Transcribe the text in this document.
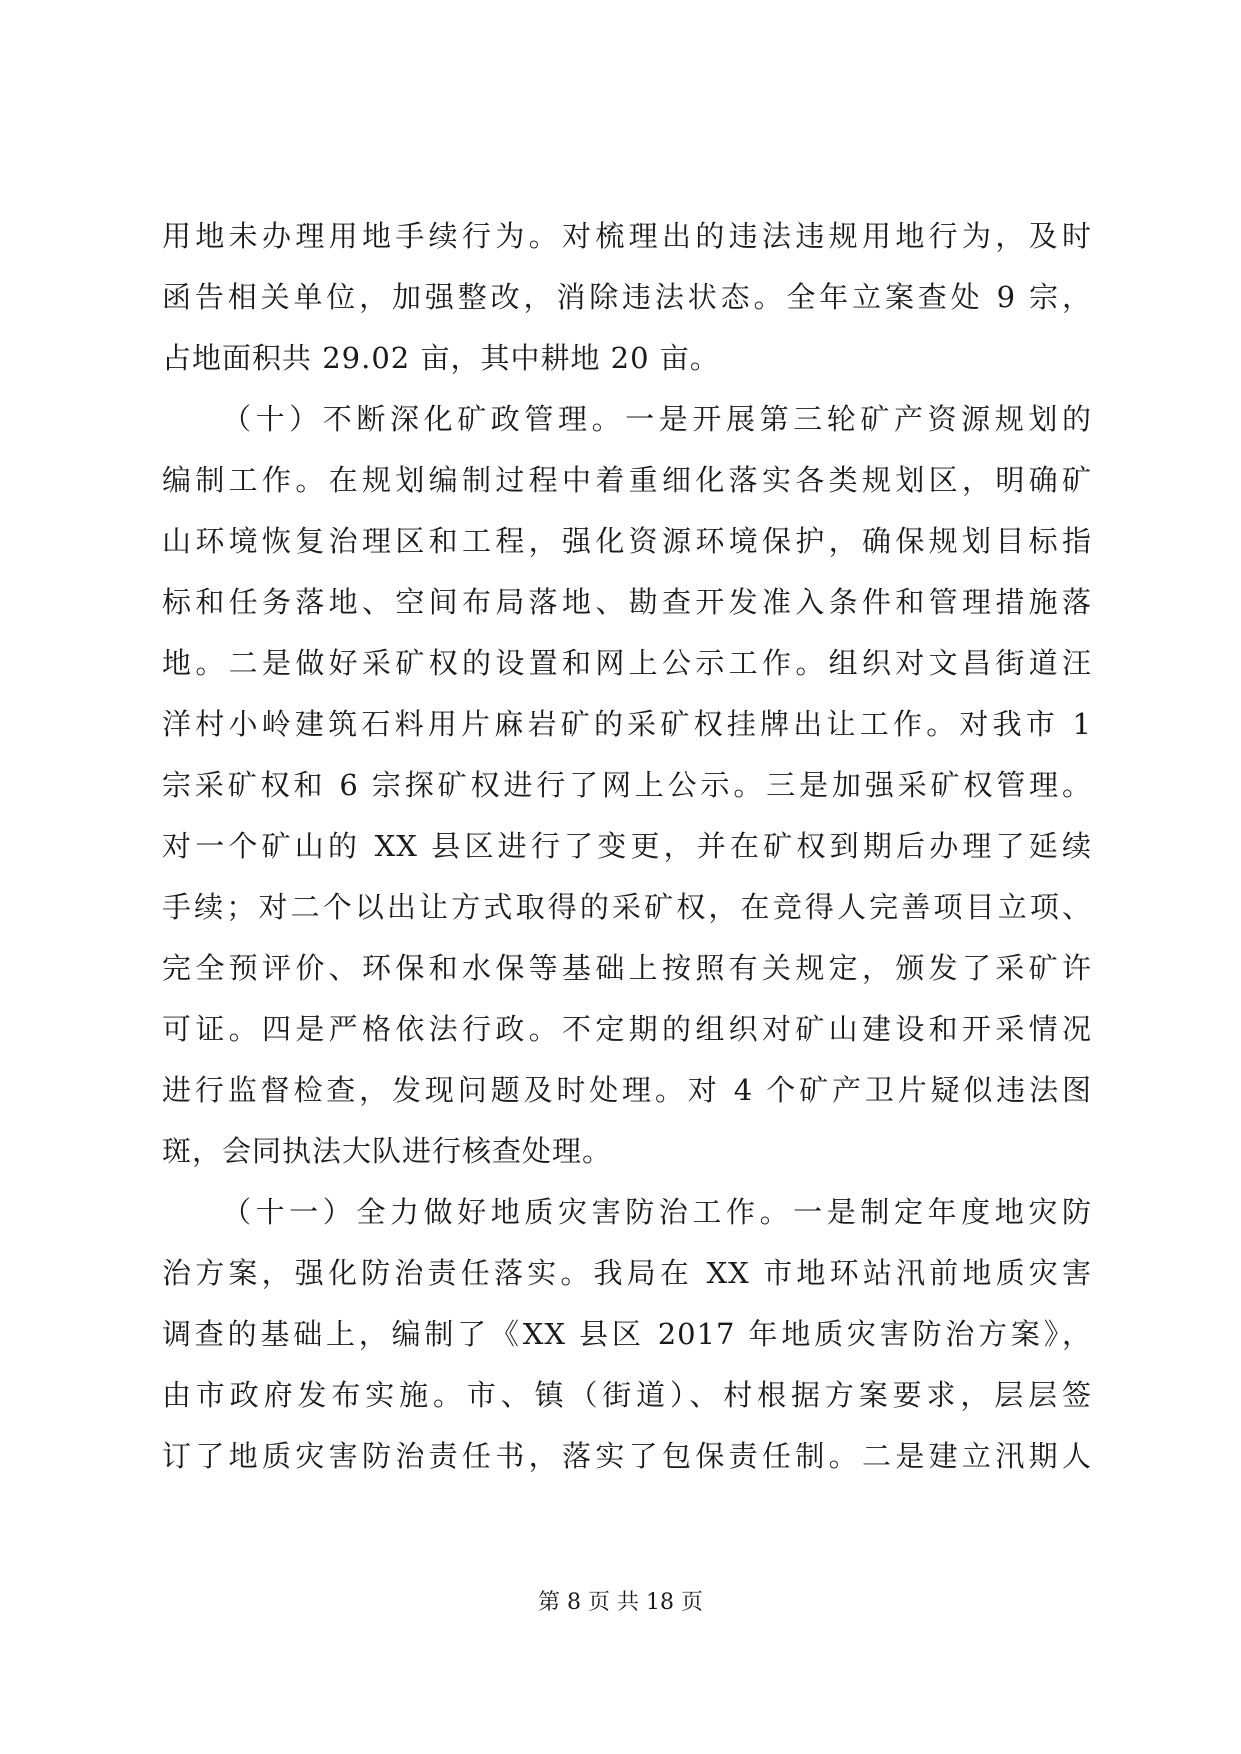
用地未办理用地手续行为。对梳理出的违法违规用地行为，及时
函告相关单位，加强整改，消除违法状态。全年立案查处 9 宗，
占地面积共 29.02 亩，其中耕地 20 亩。
（十）不断深化矿政管理。一是开展第三轮矿产资源规划的
编制工作。在规划编制过程中着重细化落实各类规划区，明确矿
山环境恢复治理区和工程，强化资源环境保护，确保规划目标指
标和任务落地、空间布局落地、勘查开发准入条件和管理措施落
地。二是做好采矿权的设置和网上公示工作。组织对文昌街道汪
洋村小岭建筑石料用片麻岩矿的采矿权挂牌出让工作。对我市 1
宗采矿权和 6 宗探矿权进行了网上公示。三是加强采矿权管理。
对一个矿山的 XX 县区进行了变更，并在矿权到期后办理了延续
手续；对二个以出让方式取得的采矿权，在竞得人完善项目立项、
完全预评价、环保和水保等基础上按照有关规定，颁发了采矿许
可证。四是严格依法行政。不定期的组织对矿山建设和开采情况
进行监督检查，发现问题及时处理。对 4 个矿产卫片疑似违法图
斑，会同执法大队进行核查处理。
（十一）全力做好地质灾害防治工作。一是制定年度地灾防
治方案，强化防治责任落实。我局在 XX 市地环站汛前地质灾害
调查的基础上，编制了《XX 县区 2017 年地质灾害防治方案》，
由市政府发布实施。市、镇（街道）、村根据方案要求，层层签
订了地质灾害防治责任书，落实了包保责任制。二是建立汛期人
第 8 页 共 18 页
